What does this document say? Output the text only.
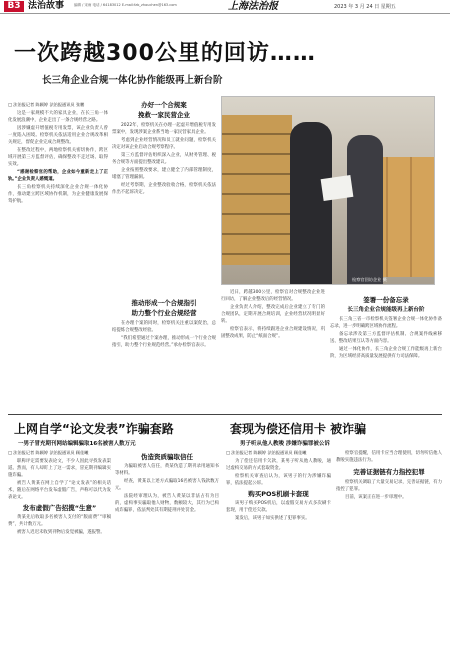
B3 法治故事	编辑 / 宋雨 电话 / 64183012 E-mail:fzb_zhouchen@163.com	上海法治报	2023 年 3 月 24 日 星期五
一次跨越300公里的回访……
长三角企业合规一体化协作能级再上新台阶
□ 法治报记者 陈颖婷 法治报通讯员 张鹏

这是一家规模不大的家具企业，在长三角一体化发展浪潮中，企业走出了一条合规经营之路。

因涉嫌虚开增值税专用发票，该企业负责人曾一度陷入困境。检察机关依法适用企业合规改革相关规定，督促企业完成合规整改。

在整改过程中，两地检察机关密切协作，跨区域开展第三方监督评估，确保整改不走过场、取得实效。

“感谢检察官的帮助，企业如今重新走上了正轨。”企业负责人感慨道。

长三角检察机关持续深化企业合规一体化协作，推动建立跨区域协作机制，为企业健康发展保驾护航。

办好一个合规案
挽救一家民营企业

2022年，检察机关在办理一起虚开增值税专用发票案中，发现涉案企业系当地一家民营家具企业。

考虑到企业经营情况和员工就业问题，检察机关决定对该企业启动合规考察程序。

第三方监督评估组织深入企业，从财务管理、税务合规等方面提出整改建议。

企业按照整改要求，建立健全了内部管理制度，堵塞了管理漏洞。

经过考察期，企业整改验收合格，检察机关依法作出不起诉决定。

推动形成一个合规指引
助力整个行业合规经营

在办理个案的同时，检察机关注重以案促治，总结提炼合规整改经验。

“我们希望通过个案办理，推动形成一个行业合规指引，助力整个行业规范经营。”承办检察官表示。

检察官回访企业 摄

近日，跨越300公里，检察官对合规整改企业进行回访，了解企业整改后的经营情况。

企业负责人介绍，整改完成后企业建立了专门的合规团队，定期开展合规培训，企业经营状况明显好转。

检察官表示，将持续跟进企业合规建设情况，巩固整改成果，防止“纸面合规”。

签署一份备忘录
长三角企业合规能级再上新台阶

长三角三省一市检察机关签署企业合规一体化协作备忘录，进一步明确跨区域协作流程。

备忘录涉及第三方监督评估机制、合规案件线索移送、整改结果互认等方面内容。

通过一体化协作，长三角企业合规工作能级再上新台阶，为区域经济高质量发展提供有力司法保障。

上网自学“论文发表”诈骗套路
一男子冒充期刊网站编辑骗取16名被害人数万元
□ 法治报记者 陈颖婷 法治报通讯员 顾佳曦

职称评定需要发表论文，不少人因此寻找发表渠道。然而，有人却盯上了这一需求，冒充期刊编辑实施诈骗。

被告人黄某在网上自学了“论文发表”的相关话术，随后在网络平台发布虚假广告，声称可以代为发表论文。

发布虚假广告招揽“生意”

黄某先后收取多名被害人支付的“版面费”“审稿费”，共计数万元。

被害人迟迟未收到刊物后发觉被骗，遂报警。

伪造资质骗取信任

为骗取被害人信任，黄某伪造了期刊录用通知书等材料。

经查，黄某以上述方式骗取16名被害人钱款数万元。

法院经审理认为，被告人黄某以非法占有为目的，虚构事实骗取他人财物，数额较大，其行为已构成诈骗罪，依法判处其有期徒刑并处罚金。

套现为偿还信用卡 被诈骗
男子听从他人教唆 涉嫌诈骗罪被公诉
□ 法治报记者 陈颖婷 法治报通讯员 顾佳曦

为了偿还信用卡欠款，某男子听从他人教唆，通过虚构交易的方式套取资金。

检察机关审查后认为，该男子的行为涉嫌诈骗罪，依法提起公诉。

购买POS机刷卡套现

该男子购买POS机后，以虚假交易方式多次刷卡套现，用于偿还欠款。

案发后，该男子如实供述了犯罪事实。

检察官提醒，信用卡应当合理使用，切勿听信他人教唆实施违法行为。

完善证据链有力指控犯罪

检察机关调取了大量交易记录，完善证据链，有力指控了犯罪。

目前，该案正在进一步审理中。
